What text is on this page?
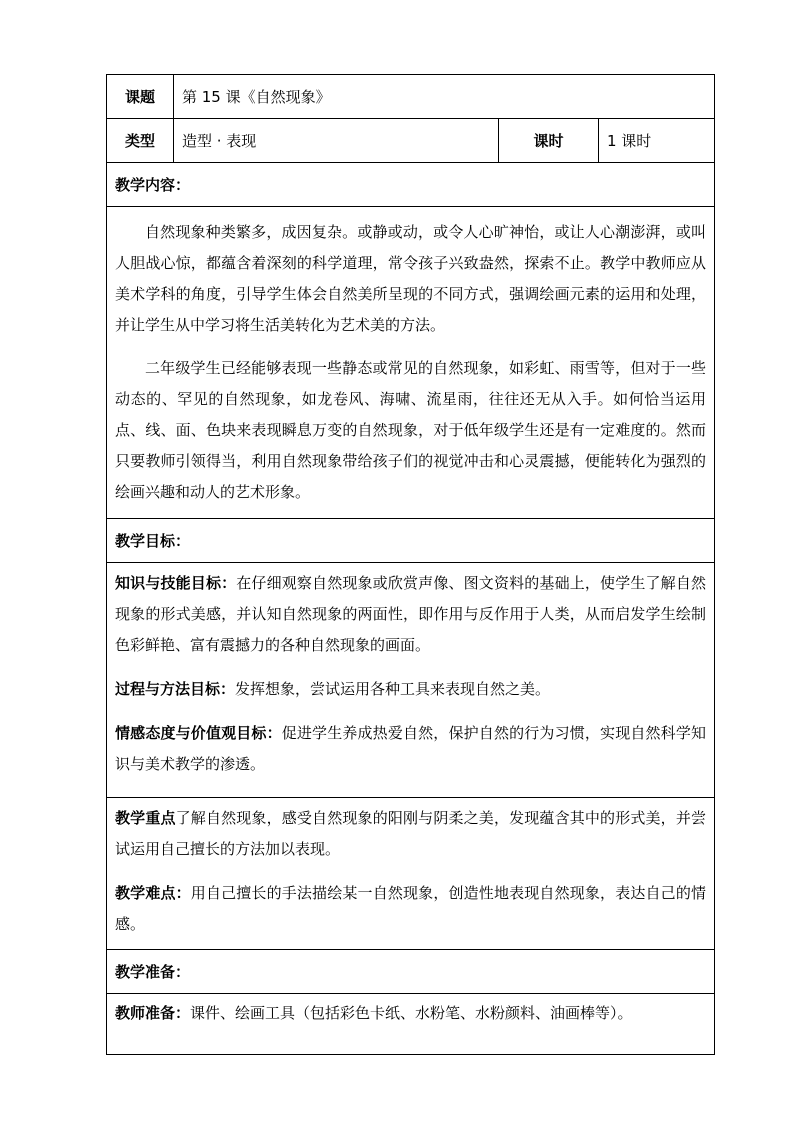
课题	第 15 课《自然现象》		
类型	造型 · 表现	课时	1 课时
教学内容：			

自然现象种类繁多，成因复杂。或静或动，或令人心旷神怡，或让人心潮澎湃，或叫人胆战心惊，都蕴含着深刻的科学道理，常令孩子兴致盎然，探索不止。教学中教师应从美术学科的角度，引导学生体会自然美所呈现的不同方式，强调绘画元素的运用和处理，并让学生从中学习将生活美转化为艺术美的方法。

二年级学生已经能够表现一些静态或常见的自然现象，如彩虹、雨雪等，但对于一些动态的、罕见的自然现象，如龙卷风、海啸、流星雨，往往还无从入手。如何恰当运用点、线、面、色块来表现瞬息万变的自然现象，对于低年级学生还是有一定难度的。然而只要教师引领得当，利用自然现象带给孩子们的视觉冲击和心灵震撼，便能转化为强烈的绘画兴趣和动人的艺术形象。			

教学目标：			

知识与技能目标：在仔细观察自然现象或欣赏声像、图文资料的基础上，使学生了解自然现象的形式美感，并认知自然现象的两面性，即作用与反作用于人类，从而启发学生绘制色彩鲜艳、富有震撼力的各种自然现象的画面。

过程与方法目标：发挥想象，尝试运用各种工具来表现自然之美。

情感态度与价值观目标：促进学生养成热爱自然，保护自然的行为习惯，实现自然科学知识与美术教学的渗透。			

教学重点了解自然现象，感受自然现象的阳刚与阴柔之美，发现蕴含其中的形式美，并尝试运用自己擅长的方法加以表现。

教学难点：用自己擅长的手法描绘某一自然现象，创造性地表现自然现象，表达自己的情感。			

教学准备：			

教师准备：课件、绘画工具（包括彩色卡纸、水粉笔、水粉颜料、油画棒等）。			
